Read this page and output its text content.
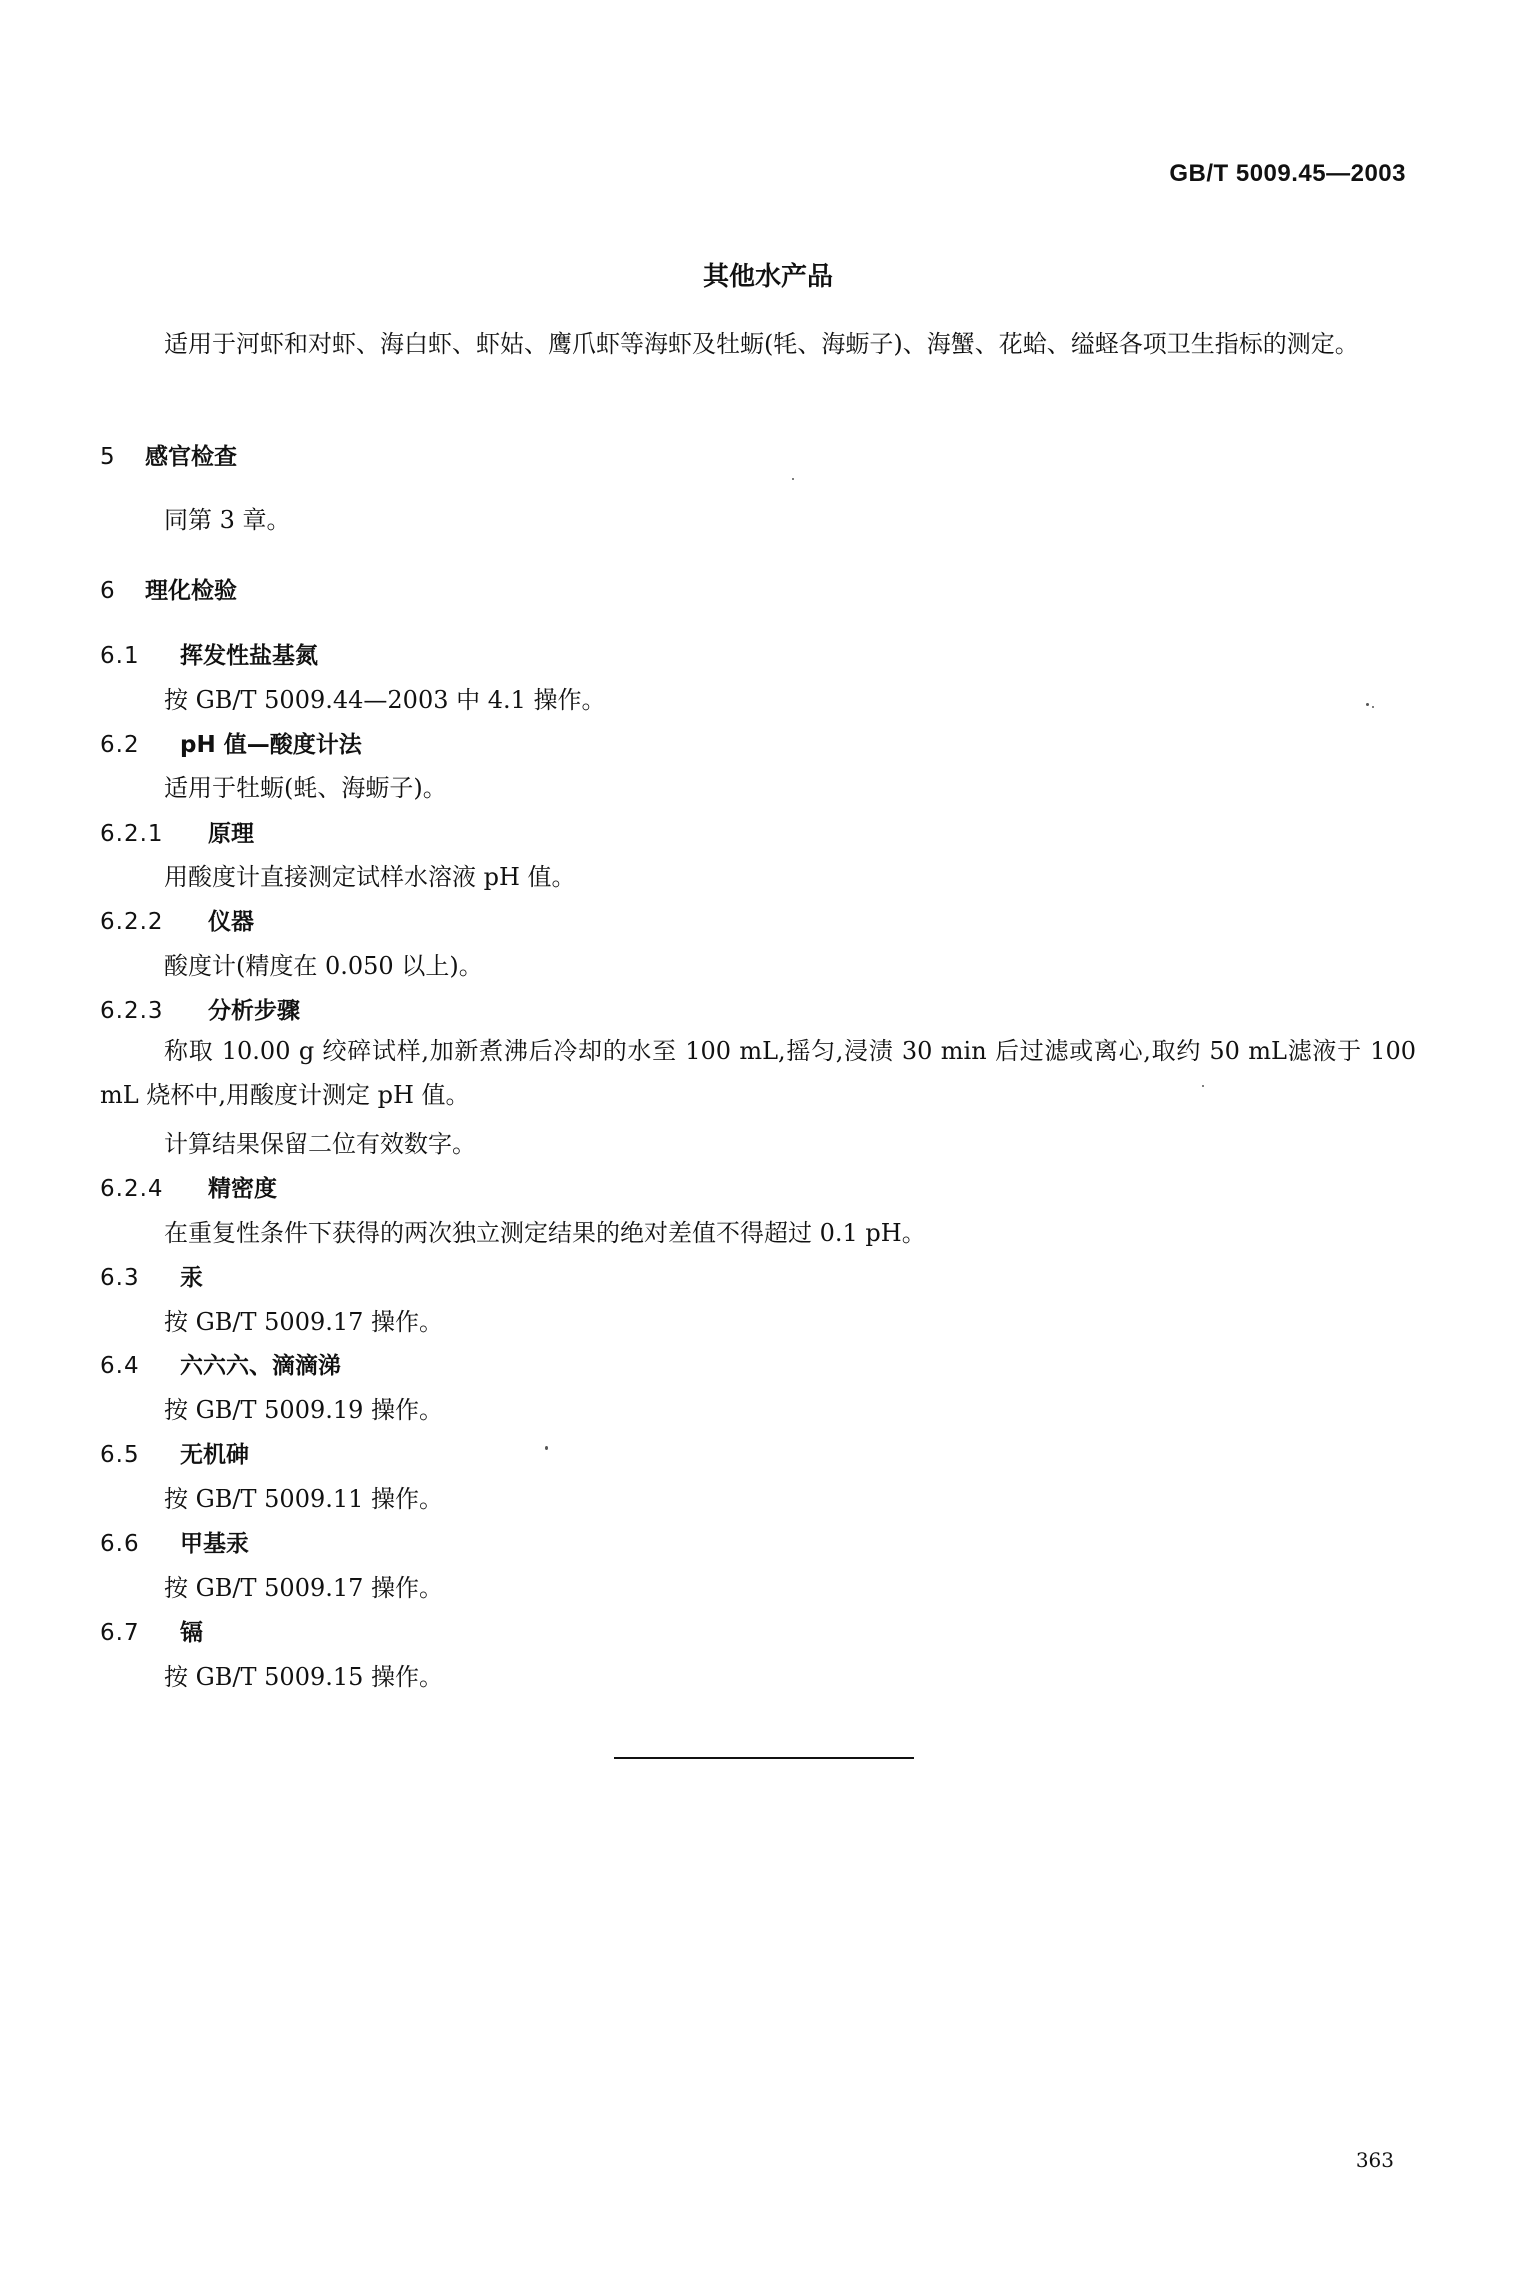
GB/T 5009.45—2003
其他水产品
适用于河虾和对虾、海白虾、虾姑、鹰爪虾等海虾及牡蛎(牦、海蛎子)、海蟹、花蛤、缢蛏各项卫生指标的测定。
5 感官检查
同第 3 章。
6 理化检验
6.1 挥发性盐基氮
按 GB/T 5009.44—2003 中 4.1 操作。
6.2 pH 值—酸度计法
适用于牡蛎(蚝、海蛎子)。
6.2.1 原理
用酸度计直接测定试样水溶液 pH 值。
6.2.2 仪器
酸度计(精度在 0.050 以上)。
6.2.3 分析步骤
称取 10.00 g 绞碎试样,加新煮沸后冷却的水至 100 mL,摇匀,浸渍 30 min 后过滤或离心,取约 50 mL滤液于 100 mL 烧杯中,用酸度计测定 pH 值。
计算结果保留二位有效数字。
6.2.4 精密度
在重复性条件下获得的两次独立测定结果的绝对差值不得超过 0.1 pH。
6.3 汞
按 GB/T 5009.17 操作。
6.4 六六六、滴滴涕
按 GB/T 5009.19 操作。
6.5 无机砷
按 GB/T 5009.11 操作。
6.6 甲基汞
按 GB/T 5009.17 操作。
6.7 镉
按 GB/T 5009.15 操作。
363
